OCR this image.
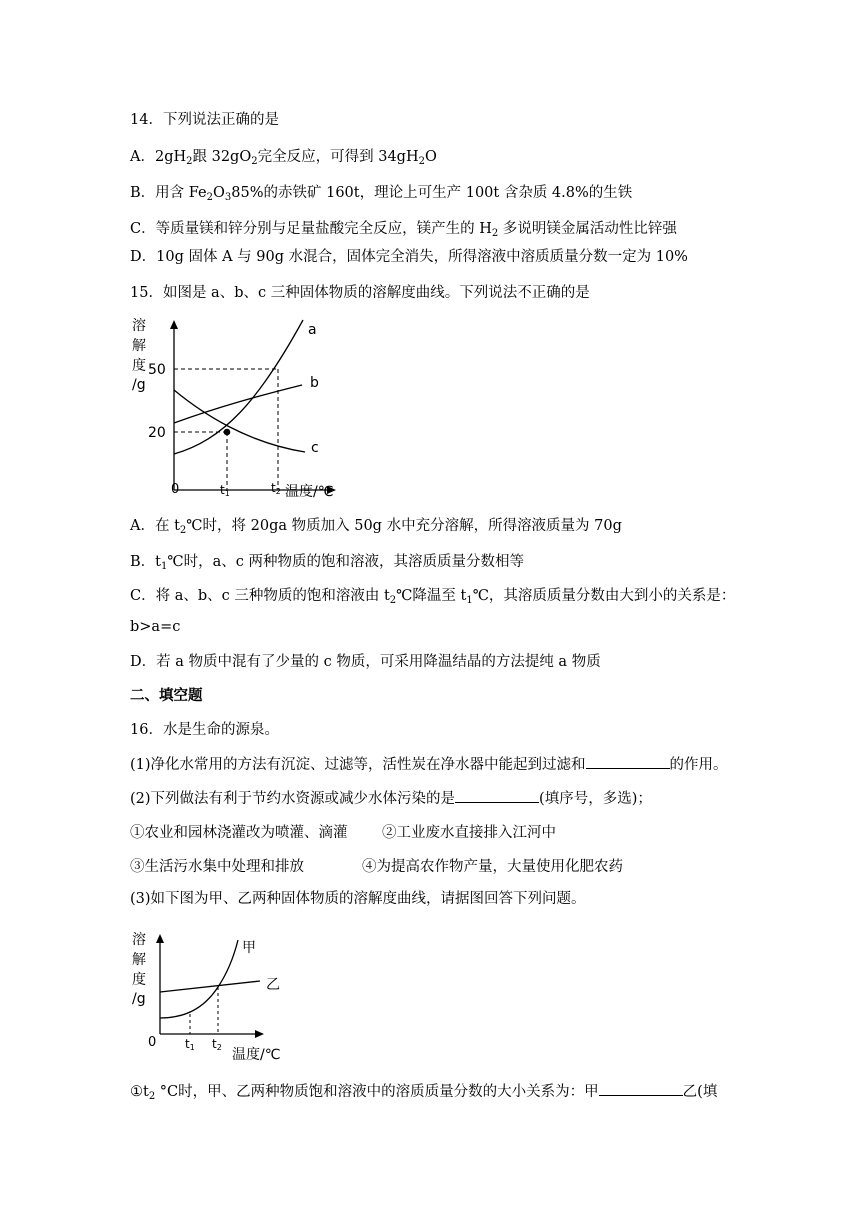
14．下列说法正确的是
A．$2gH_2$跟 $32gO_2$完全反应，可得到 $34gH_2O$
B．用含 $Fe_2O_385\%$的赤铁矿 160t，理论上可生产 100t 含杂质 4.8%的生铁
C．等质量镁和锌分别与足量盐酸完全反应，镁产生的 $H_2$ 多说明镁金属活动性比锌强
D．10g 固体 A 与 90g 水混合，固体完全消失，所得溶液中溶质质量分数一定为 10%
15．如图是 a、b、c 三种固体物质的溶解度曲线。下列说法不正确的是
溶
解
度
/g
a
b
c
50
20
0	t1	t2 温度/℃
A．在 $t_2℃$时，将 20ga 物质加入 50g 水中充分溶解，所得溶液质量为 70g
B．$t_1℃$时，a、c 两种物质的饱和溶液，其溶质质量分数相等
C．将 a、b、c 三种物质的饱和溶液由 $t_2℃$降温至 $t_1℃$，其溶质质量分数由大到小的关系是：
b>a=c
D．若 a 物质中混有了少量的 c 物质，可采用降温结晶的方法提纯 a 物质
二、填空题
16．水是生命的源泉。
(1)净化水常用的方法有沉淀、过滤等，活性炭在净水器中能起到过滤和	的作用。
(2)下列做法有利于节约水资源或减少水体污染的是	(填序号，多选)；
①农业和园林浇灌改为喷灌、滴灌 ②工业废水直接排入江河中
③生活污水集中处理和排放	④为提高农作物产量，大量使用化肥农药
(3)如下图为甲、乙两种固体物质的溶解度曲线，请据图回答下列问题。
溶
解
度
/g
甲
乙
0 t1 t2 温度/℃
$①t_2$ °C时，甲、乙两种物质饱和溶液中的溶质质量分数的大小关系为：甲	乙(填
